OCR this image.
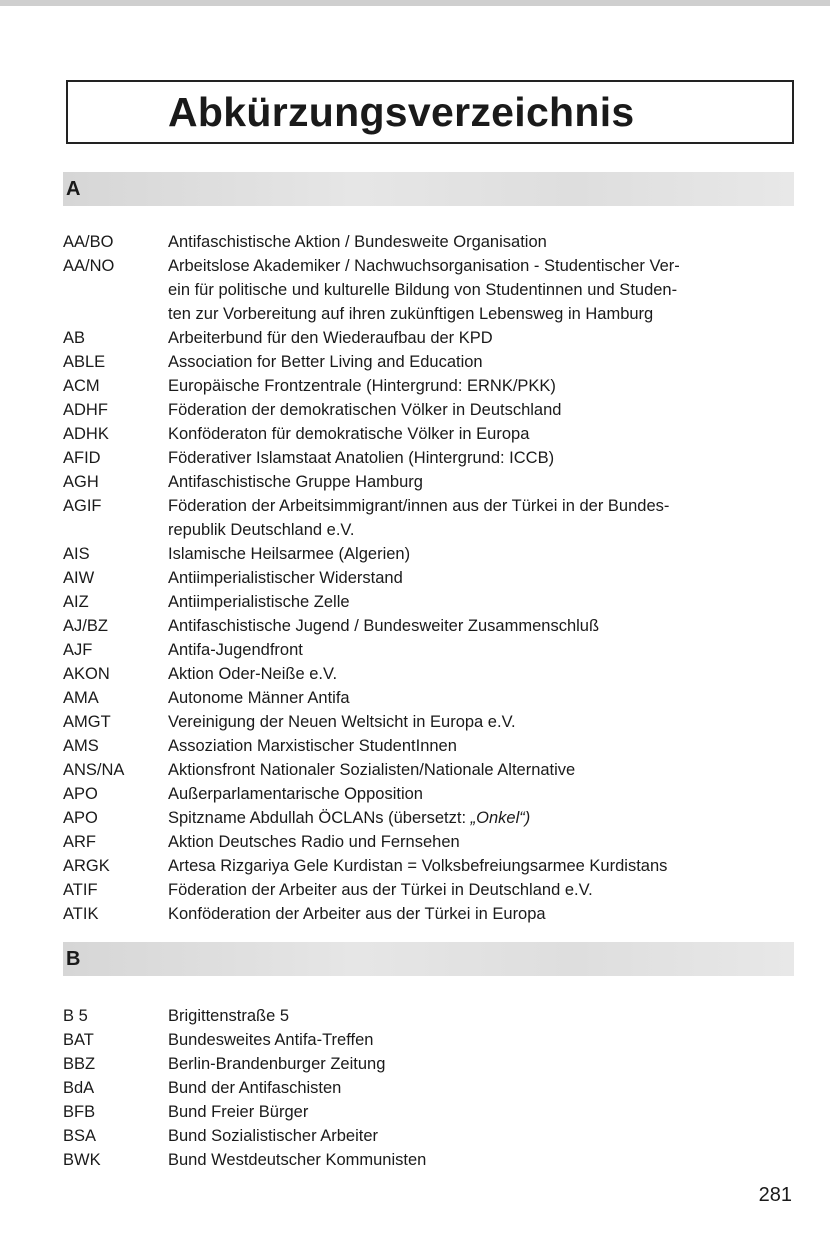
Abkürzungsverzeichnis
A
AA/BO	Antifaschistische Aktion / Bundesweite Organisation
AA/NO	Arbeitslose Akademiker / Nachwuchsorganisation - Studentischer Ver-
ein für politische und kulturelle Bildung von Studentinnen und Studen-
ten zur Vorbereitung auf ihren zukünftigen Lebensweg in Hamburg
AB	Arbeiterbund für den Wiederaufbau der KPD
ABLE	Association for Better Living and Education
ACM	Europäische Frontzentrale (Hintergrund: ERNK/PKK)
ADHF	Föderation der demokratischen Völker in Deutschland
ADHK	Konföderaton für demokratische Völker in Europa
AFID	Föderativer Islamstaat Anatolien (Hintergrund: ICCB)
AGH	Antifaschistische Gruppe Hamburg
AGIF	Föderation der Arbeitsimmigrant/innen aus der Türkei in der Bundes-
republik Deutschland e.V.
AIS	Islamische Heilsarmee (Algerien)
AIW	Antiimperialistischer Widerstand
AIZ	Antiimperialistische Zelle
AJ/BZ	Antifaschistische Jugend / Bundesweiter Zusammenschluß
AJF	Antifa-Jugendfront
AKON	Aktion Oder-Neiße e.V.
AMA	Autonome Männer Antifa
AMGT	Vereinigung der Neuen Weltsicht in Europa e.V.
AMS	Assoziation Marxistischer StudentInnen
ANS/NA	Aktionsfront Nationaler Sozialisten/Nationale Alternative
APO	Außerparlamentarische Opposition
APO	Spitzname Abdullah ÖCLANs (übersetzt: „Onkel“)
ARF	Aktion Deutsches Radio und Fernsehen
ARGK	Artesa Rizgariya Gele Kurdistan = Volksbefreiungsarmee Kurdistans
ATIF	Föderation der Arbeiter aus der Türkei in Deutschland e.V.
ATIK	Konföderation der Arbeiter aus der Türkei in Europa
B
B 5	Brigittenstraße 5
BAT	Bundesweites Antifa-Treffen
BBZ	Berlin-Brandenburger Zeitung
BdA	Bund der Antifaschisten
BFB	Bund Freier Bürger
BSA	Bund Sozialistischer Arbeiter
BWK	Bund Westdeutscher Kommunisten
281
